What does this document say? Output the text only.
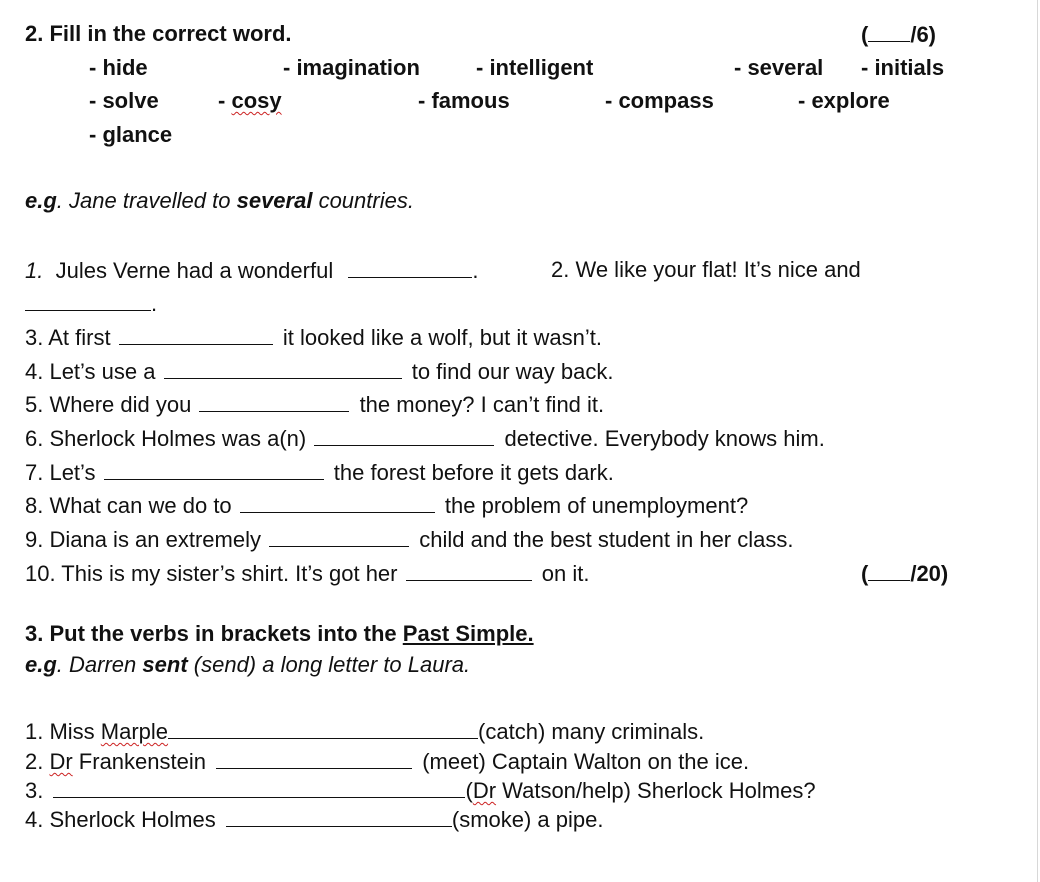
2. Fill in the correct word.	( /6)
- hide	- imagination	- intelligent	- several - initials
- solve	- cosy	- famous	- compass	- explore
- glance
e.g. Jane travelled to several countries.
1.  Jules Verne had a wonderful	.	2. We like your flat! It’s nice and
.
3. At first	it looked like a wolf, but it wasn’t.
4. Let’s use a	to find our way back.
5. Where did you	the money? I can’t find it.
6. Sherlock Holmes was a(n)	detective. Everybody knows him.
7. Let’s	the forest before it gets dark.
8. What can we do to	the problem of unemployment?
9. Diana is an extremely	child and the best student in her class.
10. This is my sister’s shirt. It’s got her	on it.	( /20)
3. Put the verbs in brackets into the Past Simple.
e.g. Darren sent (send) a long letter to Laura.
1. Miss Marple	(catch) many criminals.
2. Dr Frankenstein	(meet) Captain Walton on the ice.
3.	(Dr Watson/help) Sherlock Holmes?
4. Sherlock Holmes	(smoke) a pipe.
